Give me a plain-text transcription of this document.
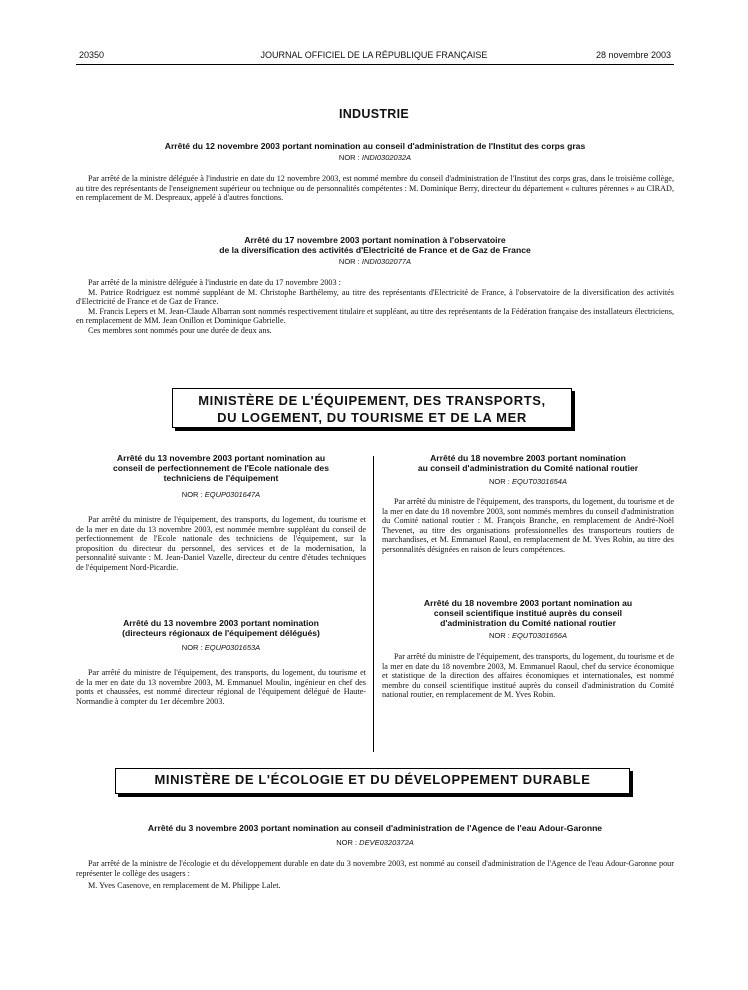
20350	JOURNAL OFFICIEL DE LA RÉPUBLIQUE FRANÇAISE	28 novembre 2003
INDUSTRIE
Arrêté du 12 novembre 2003 portant nomination au conseil d'administration de l'Institut des corps gras
NOR : INDI0302032A

Par arrêté de la ministre déléguée à l'industrie en date du 12 novembre 2003, est nommé membre du conseil d'administration de l'Institut des corps gras, dans le troisième collège, au titre des représentants de l'enseignement supérieur ou technique ou de personnalités compétentes : M. Dominique Berry, directeur du département « cultures pérennes » au CIRAD, en remplacement de M. Despreaux, appelé à d'autres fonctions.

Arrêté du 17 novembre 2003 portant nomination à l'observatoire
de la diversification des activités d'Electricité de France et de Gaz de France
NOR : INDI0302077A

Par arrêté de la ministre déléguée à l'industrie en date du 17 novembre 2003 :

M. Patrice Rodriguez est nommé suppléant de M. Christophe Barthélemy, au titre des représentants d'Electricité de France, à l'observatoire de la diversification des activités d'Electricité de France et de Gaz de France.

M. Francis Lepers et M. Jean-Claude Albarran sont nommés respectivement titulaire et suppléant, au titre des représentants de la Fédération française des installateurs électriciens, en remplacement de MM. Jean Onillon et Dominique Gabrielle.

Ces membres sont nommés pour une durée de deux ans.

MINISTÈRE DE L'ÉQUIPEMENT, DES TRANSPORTS,
DU LOGEMENT, DU TOURISME ET DE LA MER
Arrêté du 13 novembre 2003 portant nomination au
conseil de perfectionnement de l'Ecole nationale des
techniciens de l'équipement
NOR : EQUP0301647A

Par arrêté du ministre de l'équipement, des transports, du logement, du tourisme et de la mer en date du 13 novembre 2003, est nommée membre suppléant du conseil de perfectionnement de l'Ecole nationale des techniciens de l'équipement, sur la proposition du directeur du personnel, des services et de la modernisation, la personnalité suivante : M. Jean-Daniel Vazelle, directeur du centre d'études techniques de l'équipement Nord-Picardie.

Arrêté du 13 novembre 2003 portant nomination
(directeurs régionaux de l'équipement délégués)
NOR : EQUP0301653A

Par arrêté du ministre de l'équipement, des transports, du logement, du tourisme et de la mer en date du 13 novembre 2003, M. Emmanuel Moulin, ingénieur en chef des ponts et chaussées, est nommé directeur régional de l'équipement délégué de Haute-Normandie à compter du 1er décembre 2003.

Arrêté du 18 novembre 2003 portant nomination
au conseil d'administration du Comité national routier
NOR : EQUT0301654A

Par arrêté du ministre de l'équipement, des transports, du logement, du tourisme et de la mer en date du 18 novembre 2003, sont nommés membres du conseil d'administration du Comité national routier : M. François Branche, en remplacement de André-Noël Thevenet, au titre des organisations professionnelles des transporteurs routiers de marchandises, et M. Emmanuel Raoul, en remplacement de M. Yves Robin, au titre des personnalités désignées en raison de leurs compétences.

Arrêté du 18 novembre 2003 portant nomination au
conseil scientifique institué auprès du conseil
d'administration du Comité national routier
NOR : EQUT0301656A

Par arrêté du ministre de l'équipement, des transports, du logement, du tourisme et de la mer en date du 18 novembre 2003, M. Emmanuel Raoul, chef du service économique et statistique de la direction des affaires économiques et internationales, est nommé membre du conseil scientifique institué auprès du conseil d'administration du Comité national routier, en remplacement de M. Yves Robin.

MINISTÈRE DE L'ÉCOLOGIE ET DU DÉVELOPPEMENT DURABLE
Arrêté du 3 novembre 2003 portant nomination au conseil d'administration de l'Agence de l'eau Adour-Garonne
NOR : DEVE0320372A

Par arrêté de la ministre de l'écologie et du développement durable en date du 3 novembre 2003, est nommé au conseil d'administration de l'Agence de l'eau Adour-Garonne pour représenter le collège des usagers :

M. Yves Casenove, en remplacement de M. Philippe Lalet.
